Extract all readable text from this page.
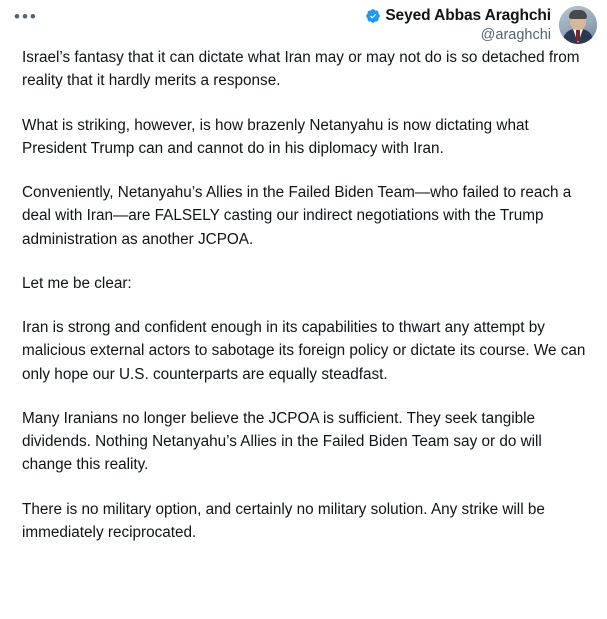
•••	Seyed Abbas Araghchi
@araghchi

Israel’s fantasy that it can dictate what Iran may or may not do is so detached from reality that it hardly merits a response.

What is striking, however, is how brazenly Netanyahu is now dictating what President Trump can and cannot do in his diplomacy with Iran.

Conveniently, Netanyahu’s Allies in the Failed Biden Team—who failed to reach a deal with Iran—are FALSELY casting our indirect negotiations with the Trump administration as another JCPOA.

Let me be clear:

Iran is strong and confident enough in its capabilities to thwart any attempt by malicious external actors to sabotage its foreign policy or dictate its course. We can only hope our U.S. counterparts are equally steadfast.

Many Iranians no longer believe the JCPOA is sufficient. They seek tangible dividends. Nothing Netanyahu’s Allies in the Failed Biden Team say or do will change this reality.

There is no military option, and certainly no military solution. Any strike will be immediately reciprocated.
